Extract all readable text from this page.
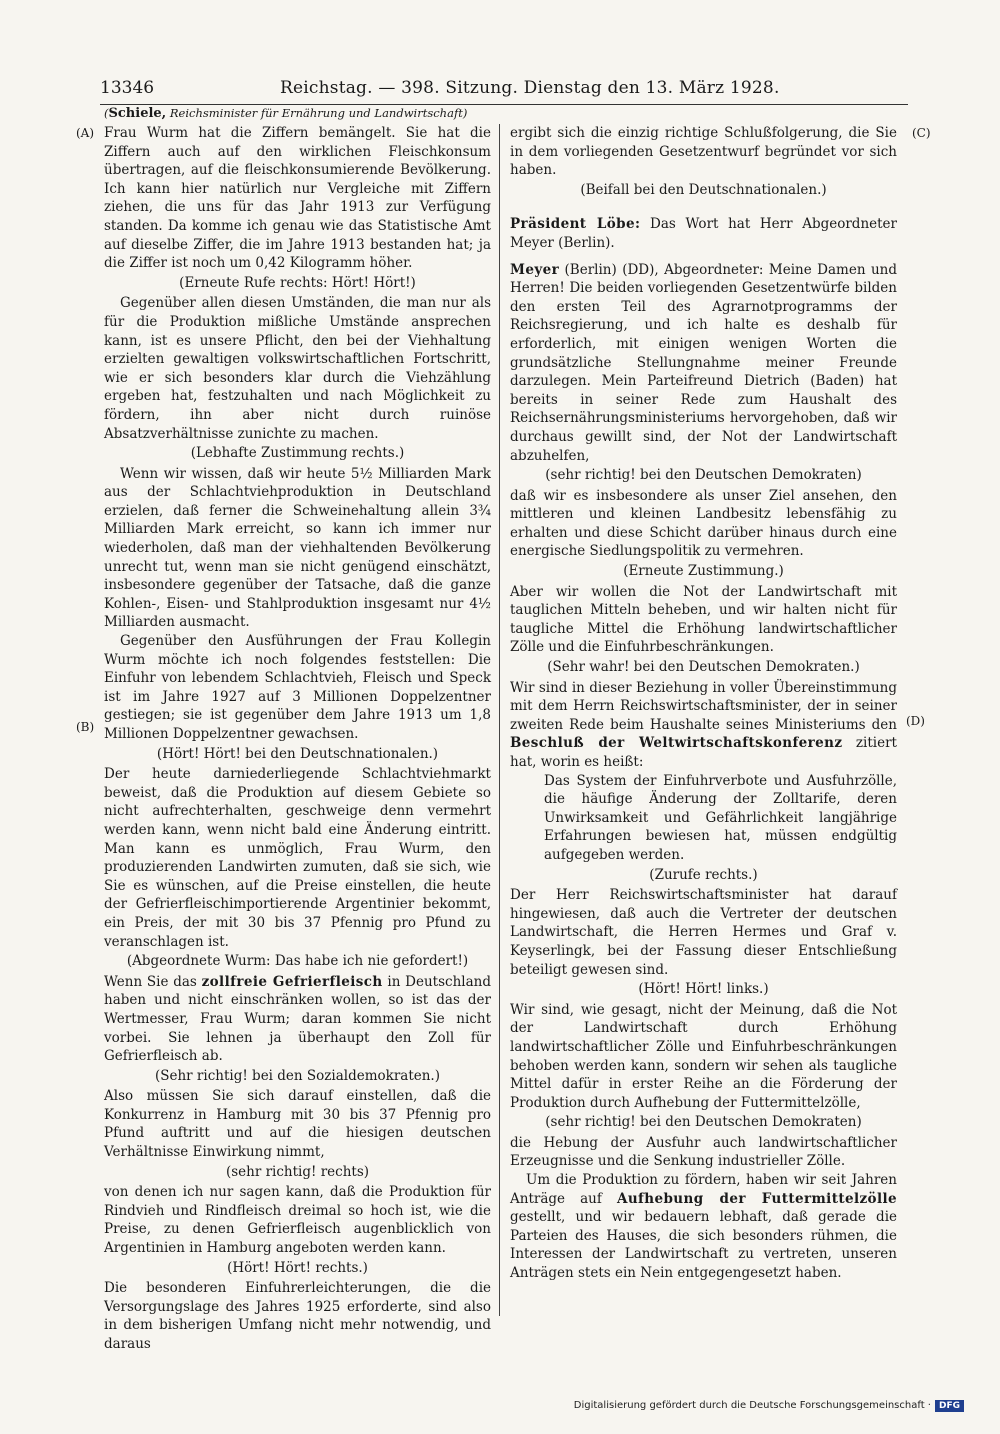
13346	Reichstag. — 398. Sitzung. Dienstag den 13. März 1928.
(Schiele, Reichsminister für Ernährung und Landwirtschaft)
(A)
(B)
(C)
(D)

Frau Wurm hat die Ziffern bemängelt. Sie hat die Ziffern auch auf den wirklichen Fleischkonsum übertragen, auf die fleischkonsumierende Bevölkerung. Ich kann hier natürlich nur Vergleiche mit Ziffern ziehen, die uns für das Jahr 1913 zur Verfügung standen. Da komme ich genau wie das Statistische Amt auf dieselbe Ziffer, die im Jahre 1913 bestanden hat; ja die Ziffer ist noch um 0,42 Kilogramm höher.

(Erneute Rufe rechts: Hört! Hört!)

Gegenüber allen diesen Umständen, die man nur als für die Produktion mißliche Umstände ansprechen kann, ist es unsere Pflicht, den bei der Viehhaltung erzielten gewaltigen volkswirtschaftlichen Fortschritt, wie er sich besonders klar durch die Viehzählung ergeben hat, festzuhalten und nach Möglichkeit zu fördern, ihn aber nicht durch ruinöse Absatzverhältnisse zunichte zu machen.

(Lebhafte Zustimmung rechts.)

Wenn wir wissen, daß wir heute 5½ Milliarden Mark aus der Schlachtviehproduktion in Deutschland erzielen, daß ferner die Schweinehaltung allein 3¾ Milliarden Mark erreicht, so kann ich immer nur wiederholen, daß man der viehhaltenden Bevölkerung unrecht tut, wenn man sie nicht genügend einschätzt, insbesondere gegenüber der Tatsache, daß die ganze Kohlen-, Eisen- und Stahlproduktion insgesamt nur 4½ Milliarden ausmacht.

Gegenüber den Ausführungen der Frau Kollegin Wurm möchte ich noch folgendes feststellen: Die Einfuhr von lebendem Schlachtvieh, Fleisch und Speck ist im Jahre 1927 auf 3 Millionen Doppelzentner gestiegen; sie ist gegenüber dem Jahre 1913 um 1,8 Millionen Doppelzentner gewachsen.

(Hört! Hört! bei den Deutschnationalen.)

Der heute darniederliegende Schlachtviehmarkt beweist, daß die Produktion auf diesem Gebiete so nicht aufrechterhalten, geschweige denn vermehrt werden kann, wenn nicht bald eine Änderung eintritt. Man kann es unmöglich, Frau Wurm, den produzierenden Landwirten zumuten, daß sie sich, wie Sie es wünschen, auf die Preise einstellen, die heute der Gefrierfleischimportierende Argentinier bekommt, ein Preis, der mit 30 bis 37 Pfennig pro Pfund zu veranschlagen ist.

(Abgeordnete Wurm: Das habe ich nie gefordert!)

Wenn Sie das zollfreie Gefrierfleisch in Deutschland haben und nicht einschränken wollen, so ist das der Wertmesser, Frau Wurm; daran kommen Sie nicht vorbei. Sie lehnen ja überhaupt den Zoll für Gefrierfleisch ab.

(Sehr richtig! bei den Sozialdemokraten.)

Also müssen Sie sich darauf einstellen, daß die Konkurrenz in Hamburg mit 30 bis 37 Pfennig pro Pfund auftritt und auf die hiesigen deutschen Verhältnisse Einwirkung nimmt,

(sehr richtig! rechts)

von denen ich nur sagen kann, daß die Produktion für Rindvieh und Rindfleisch dreimal so hoch ist, wie die Preise, zu denen Gefrierfleisch augenblicklich von Argentinien in Hamburg angeboten werden kann.

(Hört! Hört! rechts.)

Die besonderen Einfuhrerleichterungen, die die Versorgungslage des Jahres 1925 erforderte, sind also in dem bisherigen Umfang nicht mehr notwendig, und daraus

ergibt sich die einzig richtige Schlußfolgerung, die Sie in dem vorliegenden Gesetzentwurf begründet vor sich haben.

(Beifall bei den Deutschnationalen.)

Präsident Löbe: Das Wort hat Herr Abgeordneter Meyer (Berlin).

Meyer (Berlin) (DD), Abgeordneter: Meine Damen und Herren! Die beiden vorliegenden Gesetzentwürfe bilden den ersten Teil des Agrarnotprogramms der Reichsregierung, und ich halte es deshalb für erforderlich, mit einigen wenigen Worten die grundsätzliche Stellungnahme meiner Freunde darzulegen. Mein Parteifreund Dietrich (Baden) hat bereits in seiner Rede zum Haushalt des Reichsernährungsministeriums hervorgehoben, daß wir durchaus gewillt sind, der Not der Landwirtschaft abzuhelfen,

(sehr richtig! bei den Deutschen Demokraten)

daß wir es insbesondere als unser Ziel ansehen, den mittleren und kleinen Landbesitz lebensfähig zu erhalten und diese Schicht darüber hinaus durch eine energische Siedlungspolitik zu vermehren.

(Erneute Zustimmung.)

Aber wir wollen die Not der Landwirtschaft mit tauglichen Mitteln beheben, und wir halten nicht für taugliche Mittel die Erhöhung landwirtschaftlicher Zölle und die Einfuhrbeschränkungen.

(Sehr wahr! bei den Deutschen Demokraten.)

Wir sind in dieser Beziehung in voller Übereinstimmung mit dem Herrn Reichswirtschaftsminister, der in seiner zweiten Rede beim Haushalte seines Ministeriums den Beschluß der Weltwirtschaftskonferenz zitiert hat, worin es heißt:

Das System der Einfuhrverbote und Ausfuhrzölle, die häufige Änderung der Zolltarife, deren Unwirksamkeit und Gefährlichkeit langjährige Erfahrungen bewiesen hat, müssen endgültig aufgegeben werden.

(Zurufe rechts.)

Der Herr Reichswirtschaftsminister hat darauf hingewiesen, daß auch die Vertreter der deutschen Landwirtschaft, die Herren Hermes und Graf v. Keyserlingk, bei der Fassung dieser Entschließung beteiligt gewesen sind.

(Hört! Hört! links.)

Wir sind, wie gesagt, nicht der Meinung, daß die Not der Landwirtschaft durch Erhöhung landwirtschaftlicher Zölle und Einfuhrbeschränkungen behoben werden kann, sondern wir sehen als taugliche Mittel dafür in erster Reihe an die Förderung der Produktion durch Aufhebung der Futtermittelzölle,

(sehr richtig! bei den Deutschen Demokraten)

die Hebung der Ausfuhr auch landwirtschaftlicher Erzeugnisse und die Senkung industrieller Zölle.

Um die Produktion zu fördern, haben wir seit Jahren Anträge auf Aufhebung der Futtermittelzölle gestellt, und wir bedauern lebhaft, daß gerade die Parteien des Hauses, die sich besonders rühmen, die Interessen der Landwirtschaft zu vertreten, unseren Anträgen stets ein Nein entgegengesetzt haben.

Digitalisierung gefördert durch die Deutsche Forschungsgemeinschaft · DFG
